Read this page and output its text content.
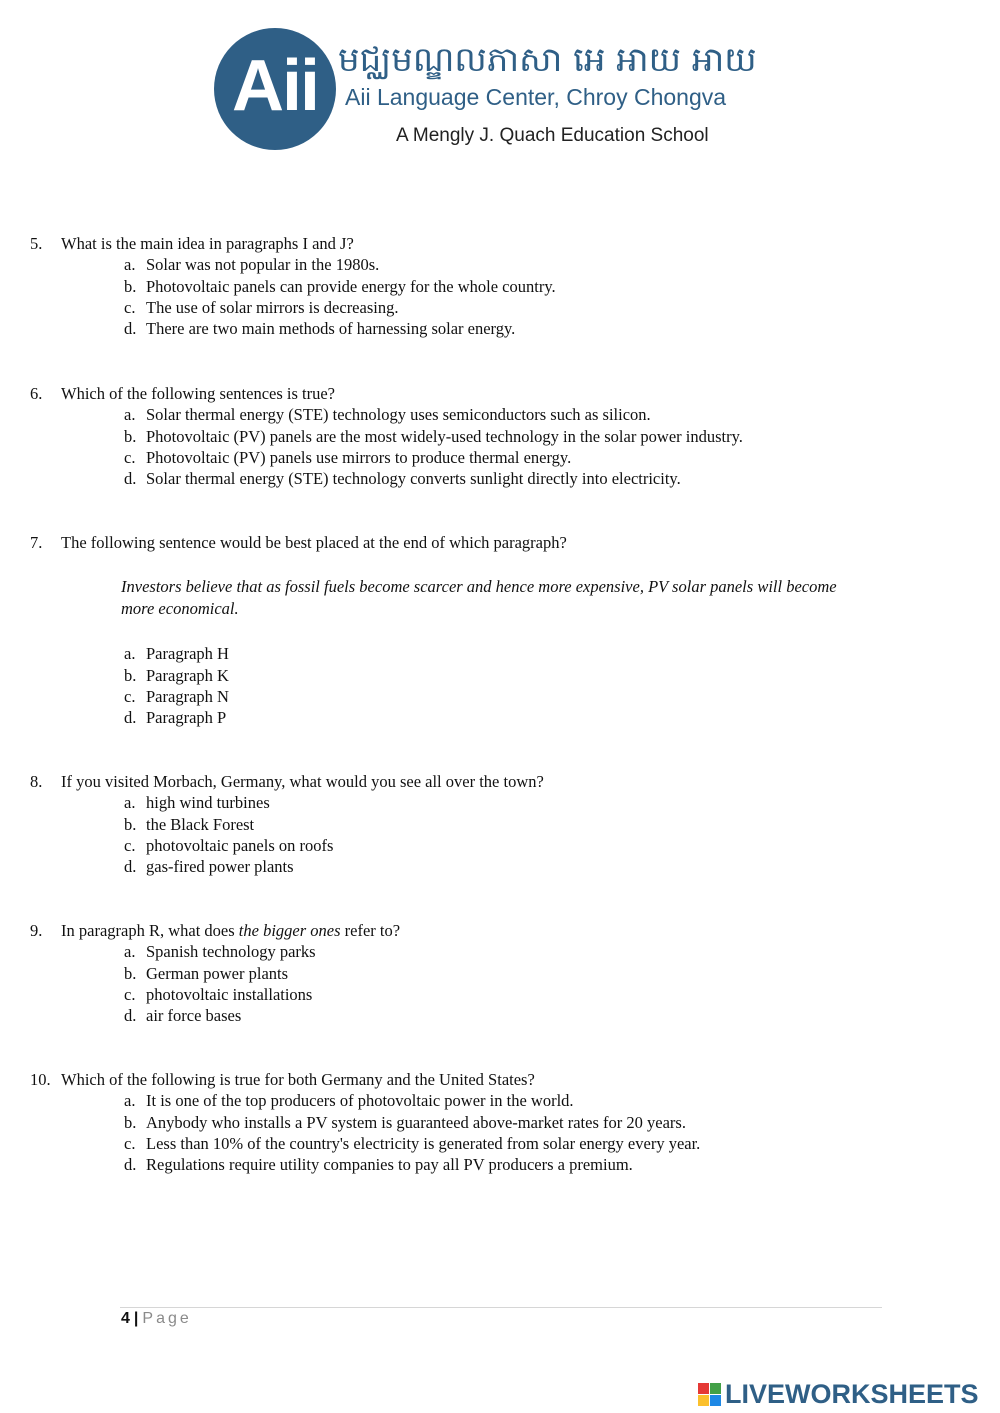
Aii មជ្ឈមណ្ឌលភាសា អេ អាយ អាយ
Aii Language Center, Chroy Chongva
A Mengly J. Quach Education School
5. What is the main idea in paragraphs I and J?
a. Solar was not popular in the 1980s.
b. Photovoltaic panels can provide energy for the whole country.
c. The use of solar mirrors is decreasing.
d. There are two main methods of harnessing solar energy.
6. Which of the following sentences is true?
a. Solar thermal energy (STE) technology uses semiconductors such as silicon.
b. Photovoltaic (PV) panels are the most widely-used technology in the solar power industry.
c. Photovoltaic (PV) panels use mirrors to produce thermal energy.
d. Solar thermal energy (STE) technology converts sunlight directly into electricity.
7. The following sentence would be best placed at the end of which paragraph?
Investors believe that as fossil fuels become scarcer and hence more expensive, PV solar panels will become more economical.
a. Paragraph H
b. Paragraph K
c. Paragraph N
d. Paragraph P
8. If you visited Morbach, Germany, what would you see all over the town?
a. high wind turbines
b. the Black Forest
c. photovoltaic panels on roofs
d. gas-fired power plants
9. In paragraph R, what does the bigger ones refer to?
a. Spanish technology parks
b. German power plants
c. photovoltaic installations
d. air force bases
10. Which of the following is true for both Germany and the United States?
a. It is one of the top producers of photovoltaic power in the world.
b. Anybody who installs a PV system is guaranteed above-market rates for 20 years.
c. Less than 10% of the country's electricity is generated from solar energy every year.
d. Regulations require utility companies to pay all PV producers a premium.
4 | Page
LIVEWORKSHEETS
